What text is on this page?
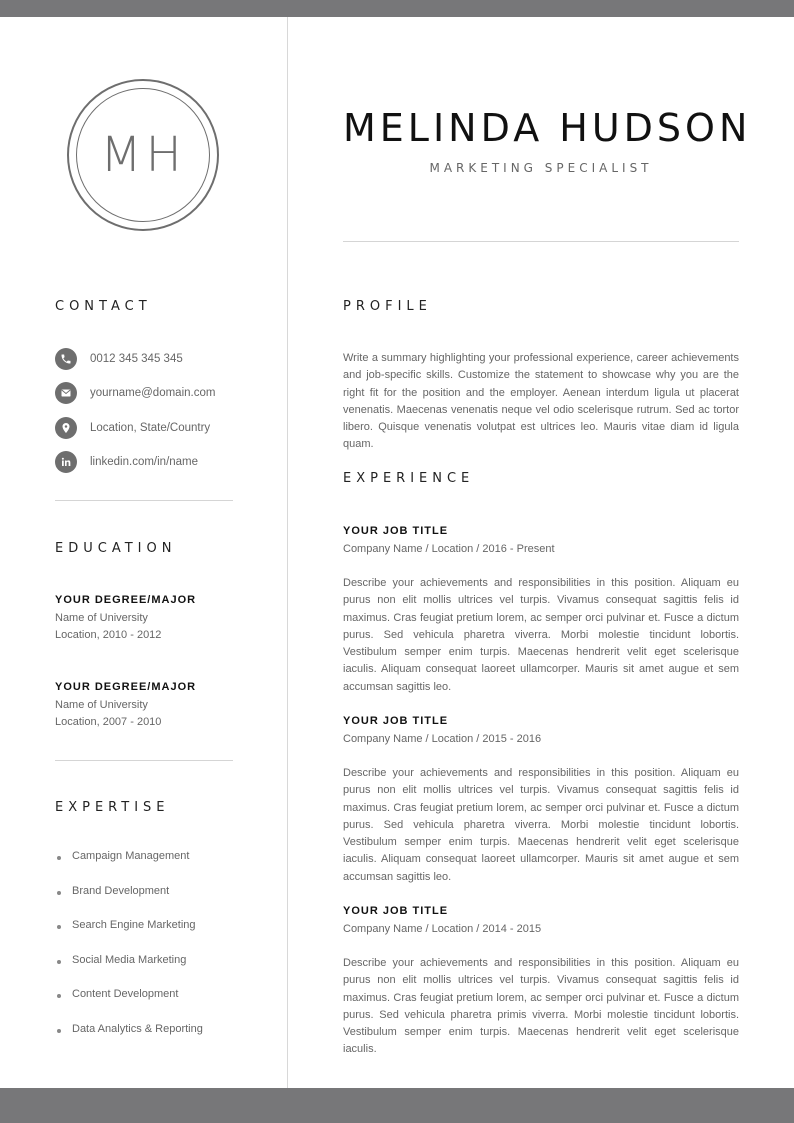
MH
CONTACT
0012 345 345 345
yourname@domain.com
Location, State/Country
linkedin.com/in/name
EDUCATION
YOUR DEGREE/MAJOR
Name of University
Location, 2010 - 2012
YOUR DEGREE/MAJOR
Name of University
Location, 2007 - 2010
EXPERTISE
Campaign Management
Brand Development
Search Engine Marketing
Social Media Marketing
Content Development
Data Analytics & Reporting
MELINDA HUDSON
MARKETING SPECIALIST
PROFILE
Write a summary highlighting your professional experience, career achievements and job-specific skills. Customize the statement to showcase why you are the right fit for the position and the employer. Aenean interdum ligula ut placerat venenatis. Maecenas venenatis neque vel odio scelerisque rutrum. Sed ac tortor libero. Quisque venenatis volutpat est ultrices leo. Mauris vitae diam id ligula quam.
EXPERIENCE
YOUR JOB TITLE
Company Name / Location / 2016 - Present
Describe your achievements and responsibilities in this position. Aliquam eu purus non elit mollis ultrices vel turpis. Vivamus consequat sagittis felis id maximus. Cras feugiat pretium lorem, ac semper orci pulvinar et. Fusce a dictum purus. Sed vehicula pharetra viverra. Morbi molestie tincidunt lobortis. Vestibulum semper enim turpis. Maecenas hendrerit velit eget scelerisque iaculis. Aliquam consequat laoreet ullamcorper. Mauris sit amet augue et sem accumsan sagittis leo.
YOUR JOB TITLE
Company Name / Location / 2015 - 2016
Describe your achievements and responsibilities in this position. Aliquam eu purus non elit mollis ultrices vel turpis. Vivamus consequat sagittis felis id maximus. Cras feugiat pretium lorem, ac semper orci pulvinar et. Fusce a dictum purus. Sed vehicula pharetra viverra. Morbi molestie tincidunt lobortis. Vestibulum semper enim turpis. Maecenas hendrerit velit eget scelerisque iaculis. Aliquam consequat laoreet ullamcorper. Mauris sit amet augue et sem accumsan sagittis leo.
YOUR JOB TITLE
Company Name / Location / 2014 - 2015
Describe your achievements and responsibilities in this position. Aliquam eu purus non elit mollis ultrices vel turpis. Vivamus consequat sagittis felis id maximus. Cras feugiat pretium lorem, ac semper orci pulvinar et. Fusce a dictum purus. Sed vehicula pharetra primis viverra. Morbi molestie tincidunt lobortis. Vestibulum semper enim turpis. Maecenas hendrerit velit eget scelerisque iaculis.
